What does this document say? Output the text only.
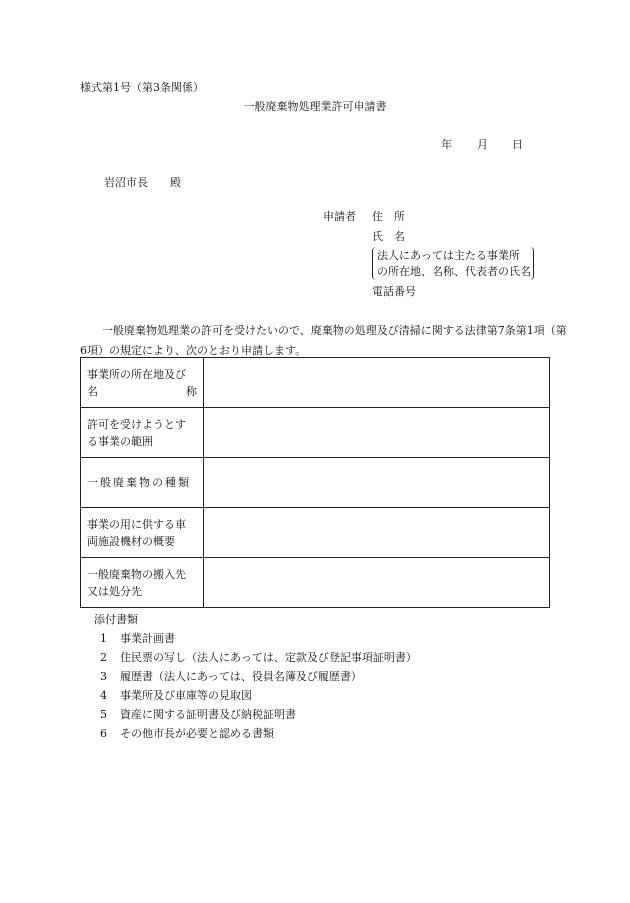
様式第1号（第3条関係）
一般廃棄物処理業許可申請書
年 月 日
岩沼市長　　殿
申請者 住　所
氏　名
法人にあっては主たる事業所
の所在地、名称、代表者の氏名
電話番号
一般廃棄物処理業の許可を受けたいので、廃棄物の処理及び清掃に関する法律第7条第1項（第6項）の規定により、次のとおり申請します。
事業所の所在地及び
名 称	

許可を受けようとす
る事業の範囲	

一般廃棄物の種類	

事業の用に供する車
両施設機材の概要	

一般廃棄物の搬入先
又は処分先	

添付書類
1 事業計画書
2 住民票の写し（法人にあっては、定款及び登記事項証明書）
3 履歴書（法人にあっては、役員名簿及び履歴書）
4 事業所及び車庫等の見取図
5 資産に関する証明書及び納税証明書
6 その他市長が必要と認める書類
